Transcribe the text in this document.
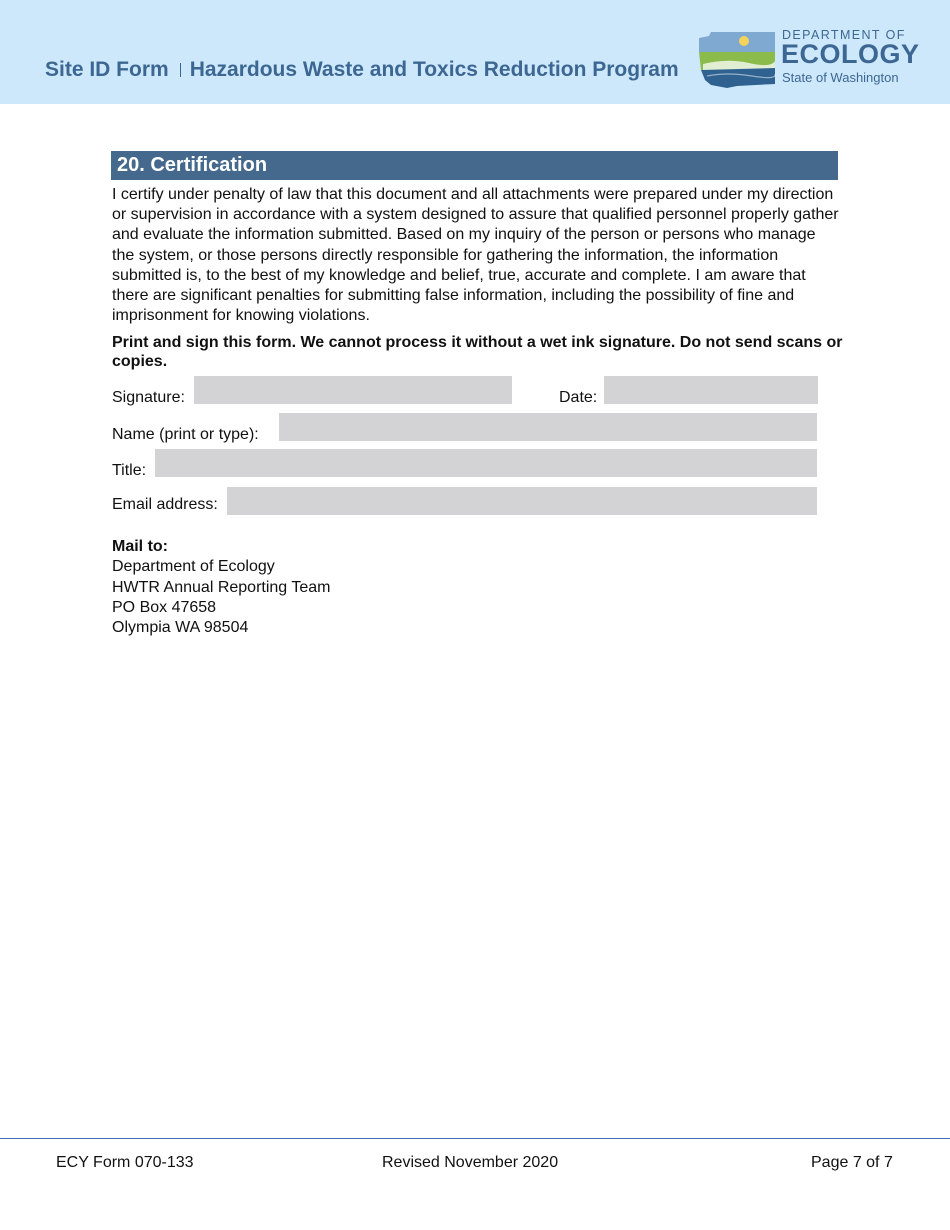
Site ID Form Hazardous Waste and Toxics Reduction Program
DEPARTMENT OF
ECOLOGY
State of Washington
20. Certification
I certify under penalty of law that this document and all attachments were prepared under my direction or supervision in accordance with a system designed to assure that qualified personnel properly gather and evaluate the information submitted. Based on my inquiry of the person or persons who manage the system, or those persons directly responsible for gathering the information, the information submitted is, to the best of my knowledge and belief, true, accurate and complete. I am aware that there are significant penalties for submitting false information, including the possibility of fine and imprisonment for knowing violations.
Print and sign this form. We cannot process it without a wet ink signature. Do not send scans or copies.
Signature:	Date:
Name (print or type):
Title:
Email address:
Mail to:
Department of Ecology
HWTR Annual Reporting Team
PO Box 47658
Olympia WA 98504
ECY Form 070-133	Revised November 2020	Page 7 of 7
